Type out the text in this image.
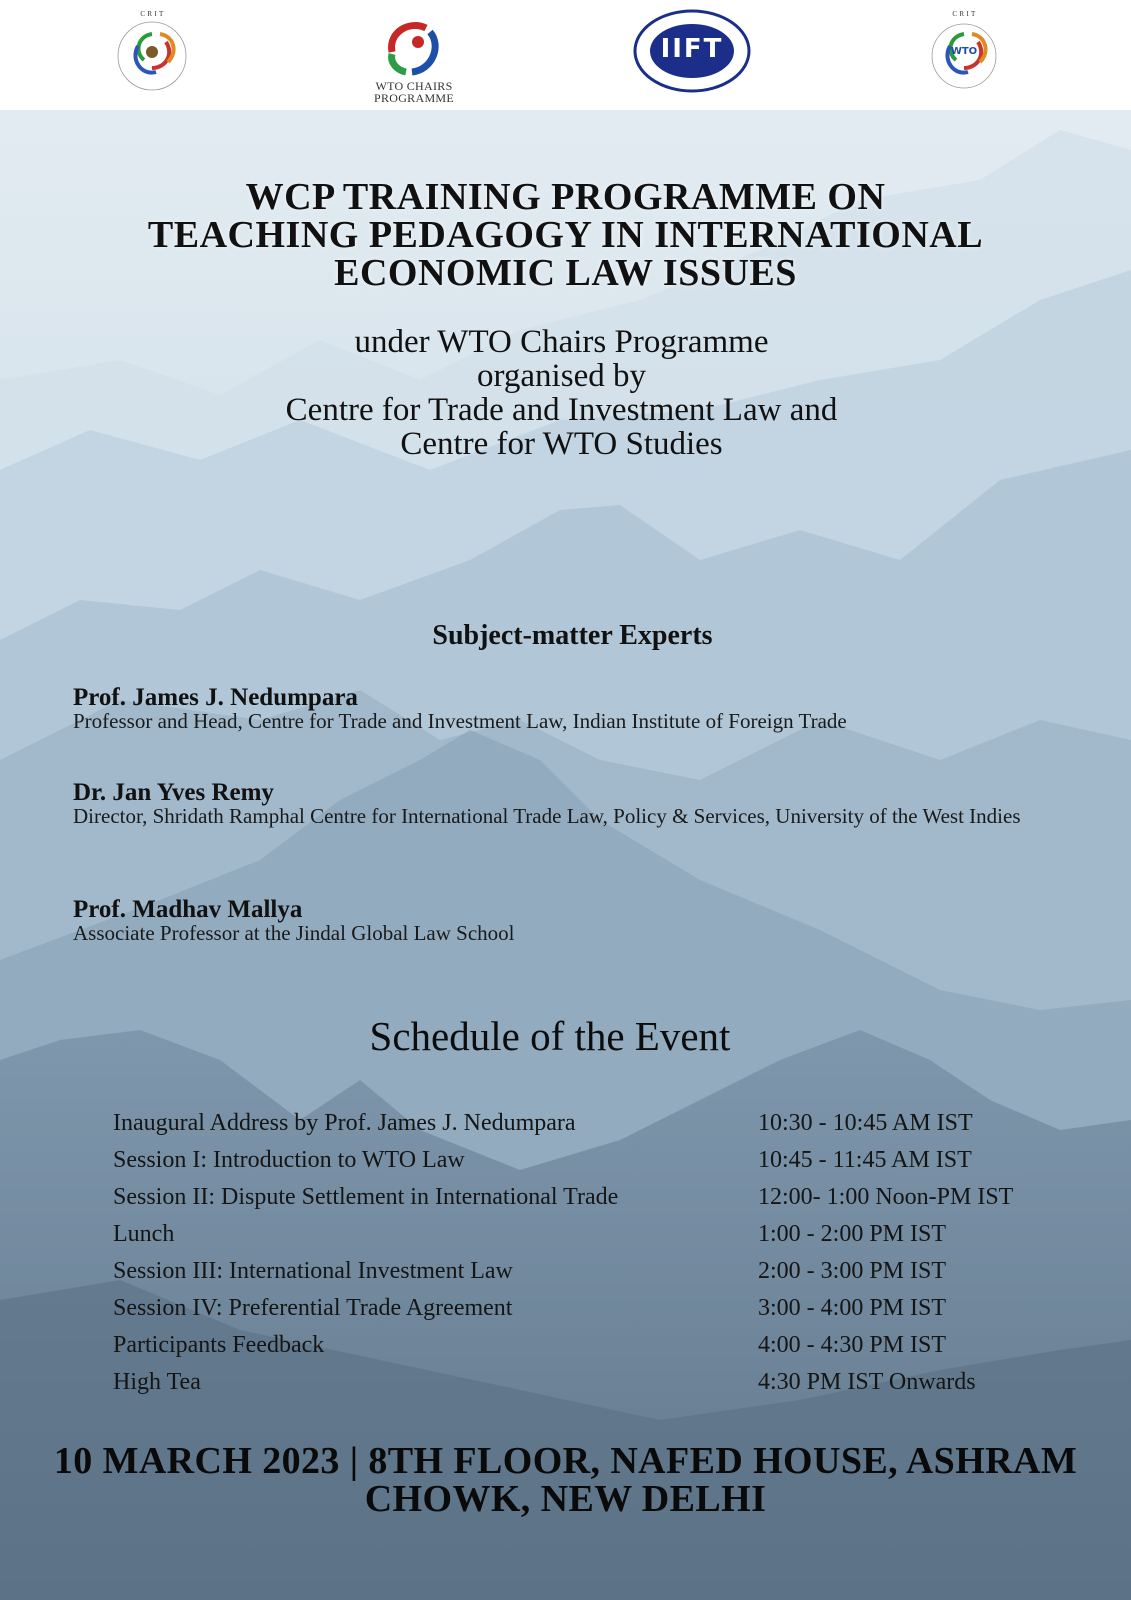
C R I T
WTO CHAIRS
PROGRAMME
IIFT	WTO
C R I T
WCP TRAINING PROGRAMME ON
TEACHING PEDAGOGY IN INTERNATIONAL
ECONOMIC LAW ISSUES
under WTO Chairs Programme
organised by
Centre for Trade and Investment Law and
Centre for WTO Studies
Subject-matter Experts
Prof. James J. Nedumpara
Professor and Head, Centre for Trade and Investment Law, Indian Institute of Foreign Trade
Dr. Jan Yves Remy
Director, Shridath Ramphal Centre for International Trade Law, Policy & Services, University of the West Indies
Prof. Madhav Mallya
Associate Professor at the Jindal Global Law School
Schedule of the Event
Inaugural Address by Prof. James J. Nedumpara	10:30 - 10:45 AM IST
Session I: Introduction to WTO Law	10:45 - 11:45 AM IST
Session II: Dispute Settlement in International Trade	12:00- 1:00 Noon-PM IST
Lunch	1:00 - 2:00 PM IST
Session III: International Investment Law	2:00 - 3:00 PM IST
Session IV: Preferential Trade Agreement	3:00 - 4:00 PM IST
Participants Feedback	4:00 - 4:30 PM IST
High Tea	4:30 PM IST Onwards
10 MARCH 2023 | 8TH FLOOR, NAFED HOUSE, ASHRAM
CHOWK, NEW DELHI
